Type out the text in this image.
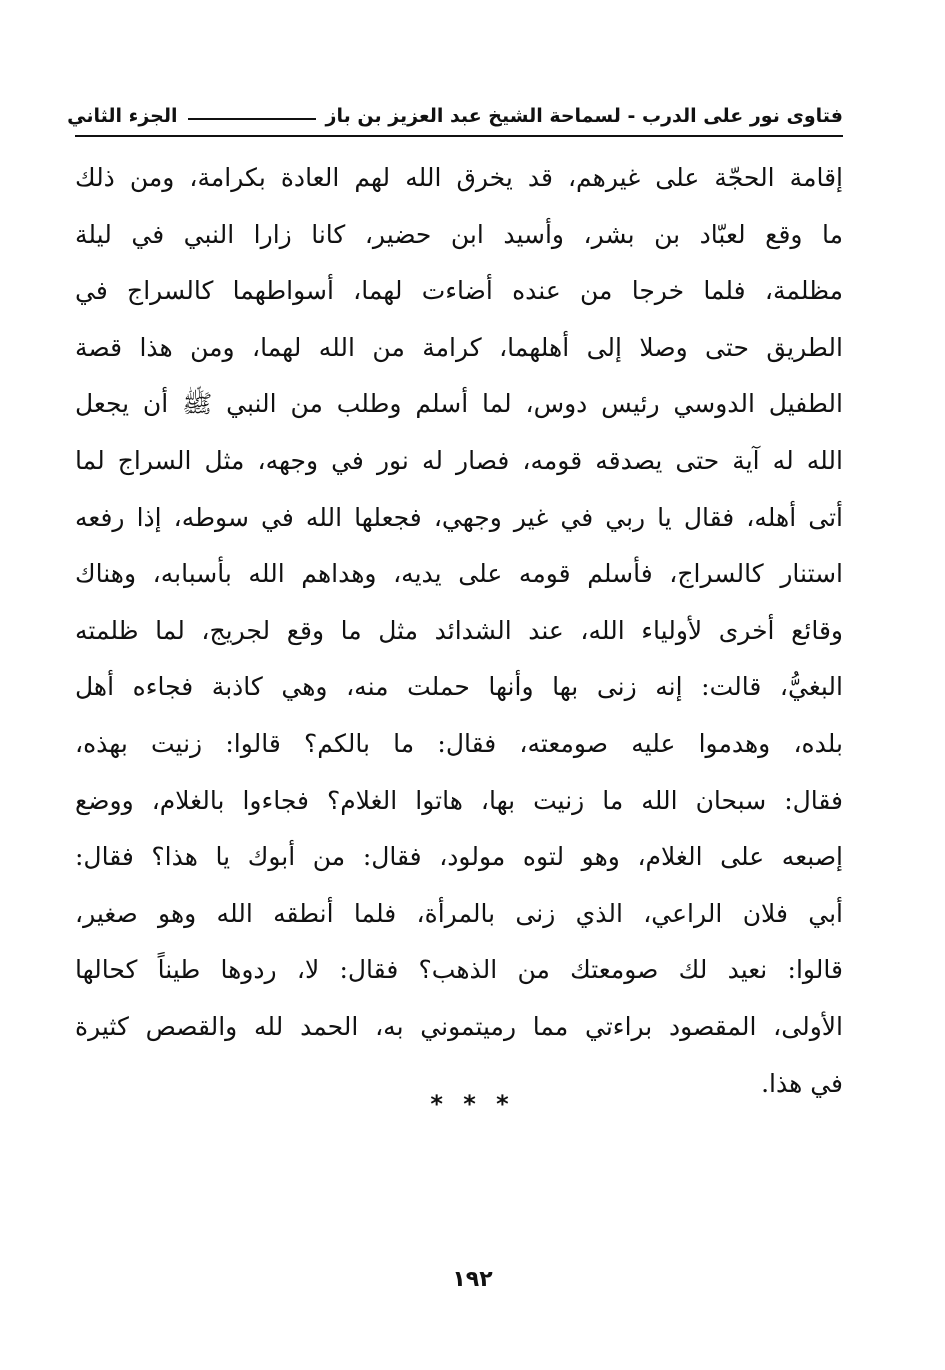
فتاوى نور على الدرب - لسماحة الشيخ عبد العزيز بن باز
الجزء الثاني
إقامة الحجّة على غيرهم، قد يخرق الله لهم العادة بكرامة، ومن ذلك
ما وقع لعبّاد بن بشر، وأسيد ابن حضير، كانا زارا النبي في ليلة
مظلمة، فلما خرجا من عنده أضاءت لهما، أسواطهما كالسراج في
الطريق حتى وصلا إلى أهلهما، كرامة من الله لهما، ومن هذا قصة
الطفيل الدوسي رئيس دوس، لما أسلم وطلب من النبي ﷺ أن يجعل
الله له آية حتى يصدقه قومه، فصار له نور في وجهه، مثل السراج لما
أتى أهله، فقال يا ربي في غير وجهي، فجعلها الله في سوطه، إذا رفعه
استنار كالسراج، فأسلم قومه على يديه، وهداهم الله بأسبابه، وهناك
وقائع أخرى لأولياء الله، عند الشدائد مثل ما وقع لجريج، لما ظلمته
البغيُّ، قالت: إنه زنى بها وأنها حملت منه، وهي كاذبة فجاءه أهل
بلده، وهدموا عليه صومعته، فقال: ما بالكم؟ قالوا: زنيت بهذه،
فقال: سبحان الله ما زنيت بها، هاتوا الغلام؟ فجاءوا بالغلام، ووضع
إصبعه على الغلام، وهو لتوه مولود، فقال: من أبوك يا هذا؟ فقال:
أبي فلان الراعي، الذي زنى بالمرأة، فلما أنطقه الله وهو صغير،
قالوا: نعيد لك صومعتك من الذهب؟ فقال: لا، ردوها طيناً كحالها
الأولى، المقصود براءتي مما رميتموني به، الحمد لله والقصص كثيرة
في هذا.
* * *
١٩٢
